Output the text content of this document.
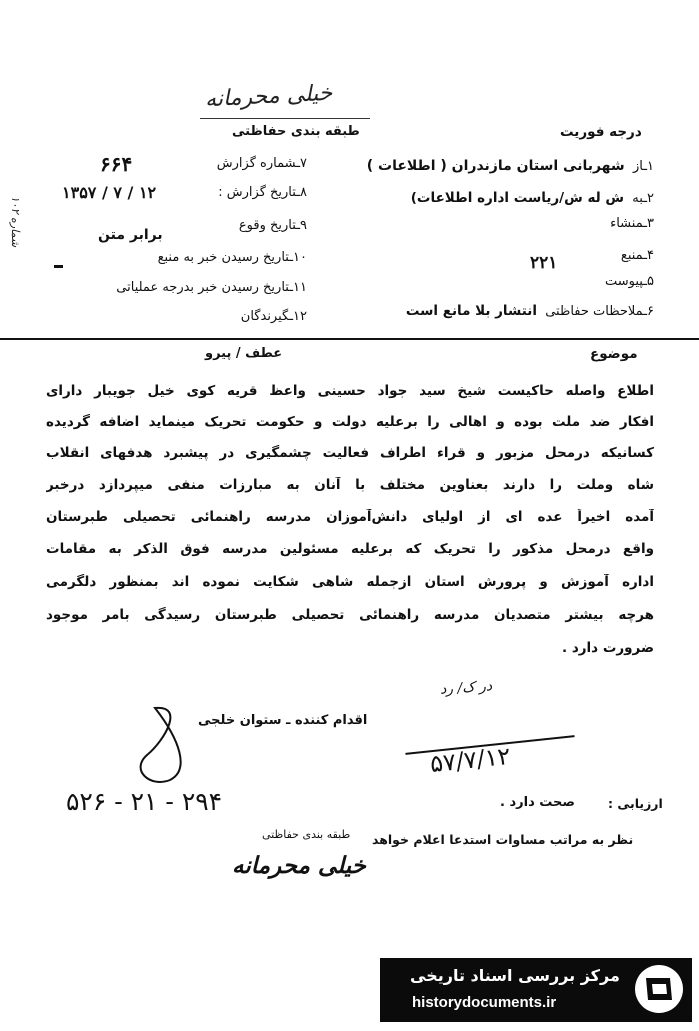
خیلی محرمانه
طبقه بندی حفاظتی	درجه فوریت
۱ـاز  شهربانی استان مازندران ( اطلاعات )
۲ـبه  ش له ش/ریاست اداره اطلاعات)
۳ـمنشاء
۴ـمنبع
۲۲۱
۵ـپیوست
۶ـملاحظات حفاظتی  انتشار بلا مانع است
۷ـشماره گزارش
۶۶۴
۸ـتاریخ گزارش :
۱۳۵۷ / ۷ / ۱۲
۹ـتاریخ وقوع
برابر متن
۱۰ـتاریخ رسیدن خبر به منبع
۱۱ـتاریخ رسیدن خبر بدرجه عملیاتی
۱۲ـگیرندگان
شماره ۱۰۲
موضوع
عطف / پیرو
اطلاع واصله حاکیست شیخ سید جواد حسینی واعظ قریه کوی خیل جویبار دارای
افکار ضد ملت بوده و اهالی را برعلیه دولت و حکومت تحریک مینماید اضافه گردیده
کسانیکه درمحل مزبور و قراء اطراف فعالیت چشمگیری در پیشبرد هدفهای انقلاب
شاه وملت را دارند بعناوین مختلف با آنان به مبارزات منفی میپردازد درخبر
آمده اخیراً عده ای از اولیای دانش‌آموزان مدرسه راهنمائی تحصیلی طبرستان
واقع درمحل مذکور را تحریک که برعلیه مسئولین مدرسه فوق الذکر به مقامات
اداره آموزش و پرورش استان ازجمله شاهی شکایت نموده اند بمنظور دلگرمی
هرچه بیشتر متصدیان مدرسه راهنمائی تحصیلی طبرستان رسیدگی بامر موجود
ضرورت دارد .
در ک/ رد
اقدام کننده ـ ستوان خلجی
۵۷/۷/۱۲
ارزیابی :
صحت دارد .
۵۲۶ - ۲۱ - ۲۹۴
نظر به مراتب مساوات استدعا اعلام خواهد
طبقه بندی حفاظتی
خیلی محرمانه
مرکز بررسی اسناد تاریخی
historydocuments.ir
